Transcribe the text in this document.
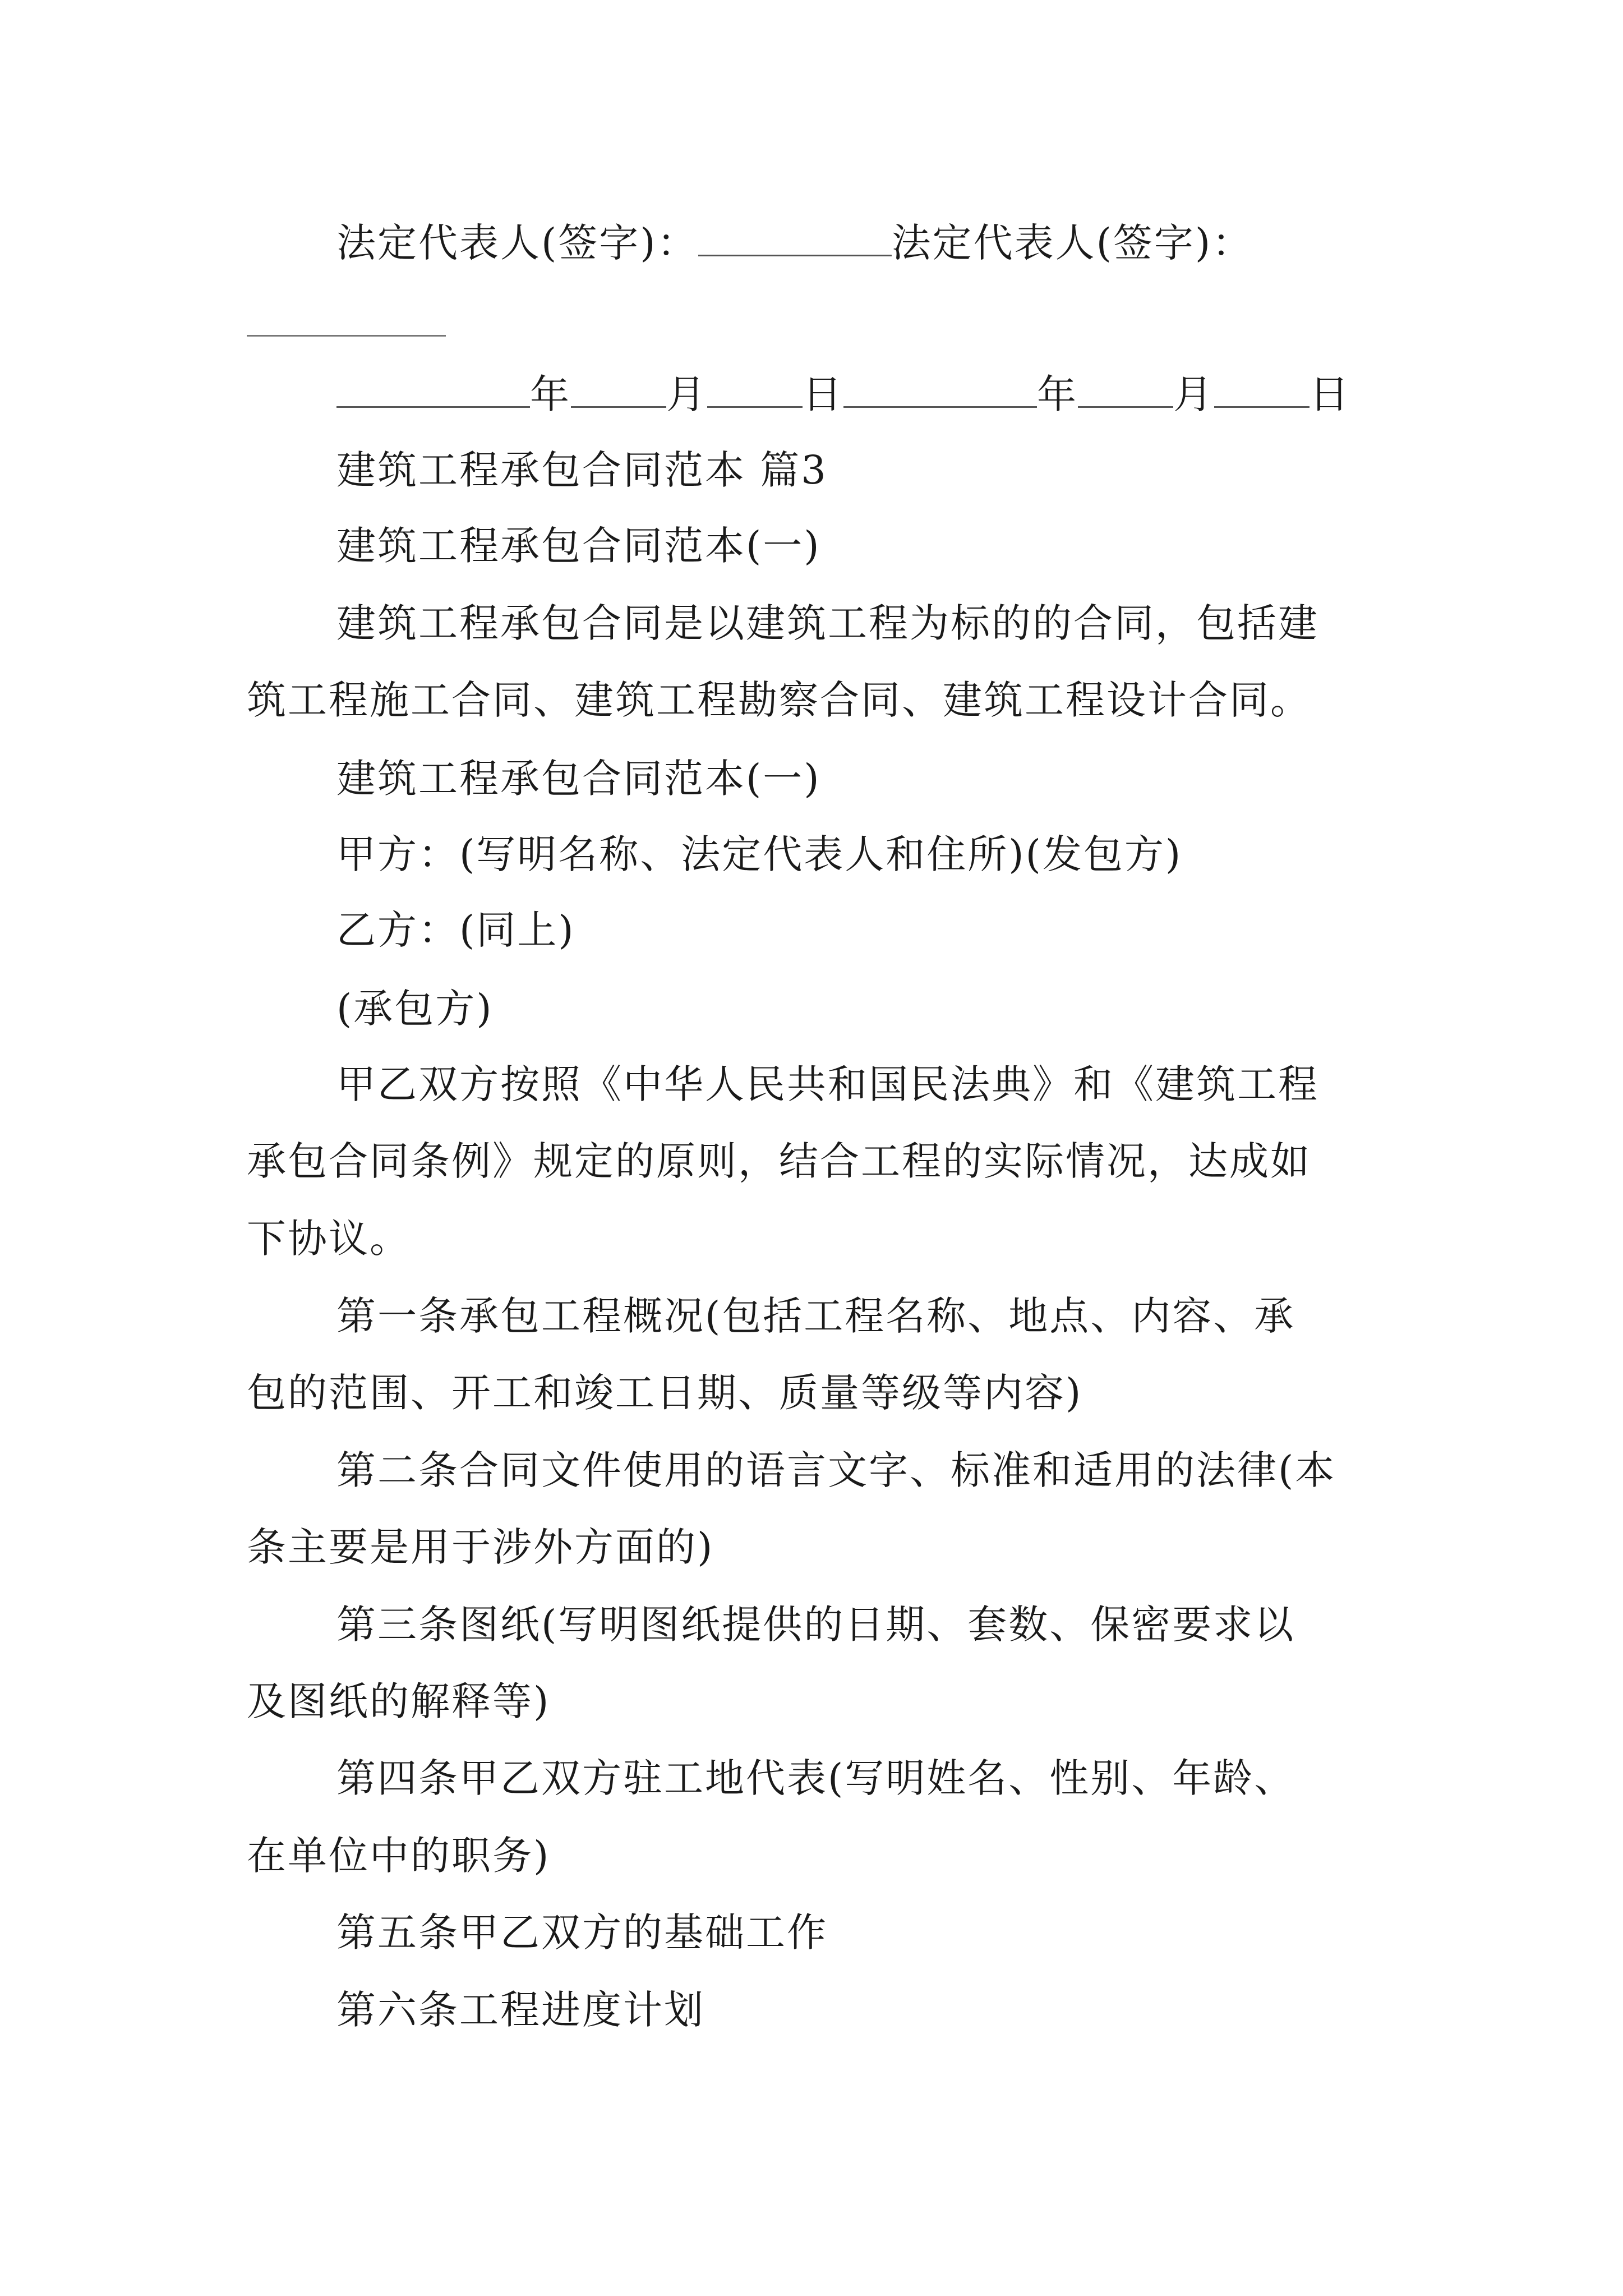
法定代表人(签字)：	法定代表人(签字)：
年 月 日	年 月 日
建筑工程承包合同范本 篇3
建筑工程承包合同范本(一)
建筑工程承包合同是以建筑工程为标的的合同，包括建
筑工程施工合同、建筑工程勘察合同、建筑工程设计合同。
建筑工程承包合同范本(一)
甲方：(写明名称、法定代表人和住所)(发包方)
乙方：(同上)
(承包方)
甲乙双方按照《中华人民共和国民法典》和《建筑工程
承包合同条例》规定的原则，结合工程的实际情况，达成如
下协议。
第一条承包工程概况(包括工程名称、地点、内容、承
包的范围、开工和竣工日期、质量等级等内容)
第二条合同文件使用的语言文字、标准和适用的法律(本
条主要是用于涉外方面的)
第三条图纸(写明图纸提供的日期、套数、保密要求以
及图纸的解释等)
第四条甲乙双方驻工地代表(写明姓名、性别、年龄、
在单位中的职务)
第五条甲乙双方的基础工作
第六条工程进度计划
